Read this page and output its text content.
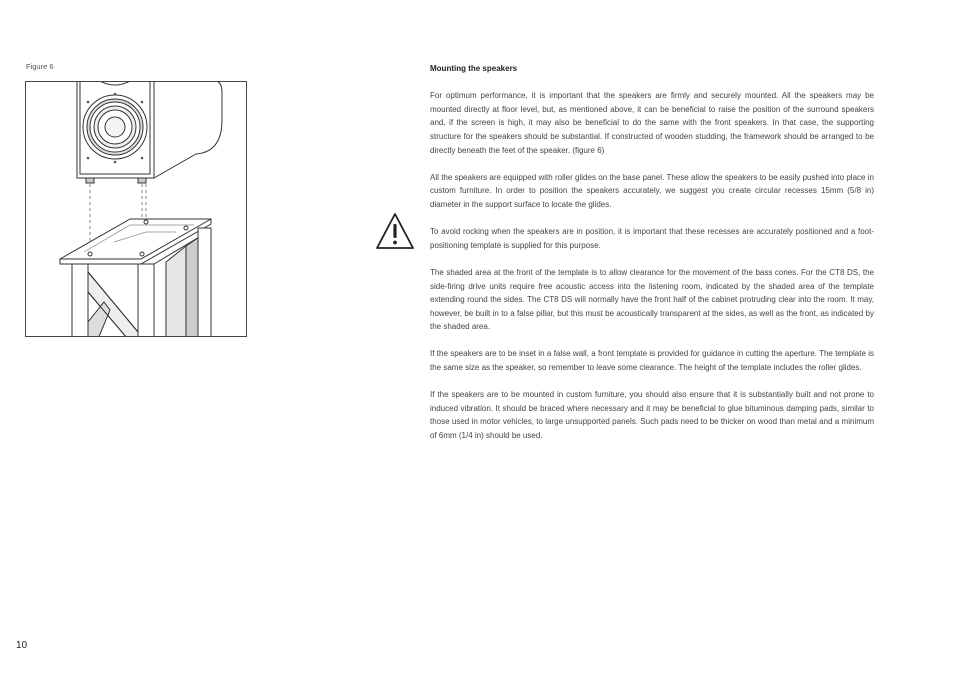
Figure 6	Mounting the speakers

For optimum performance, it is important that the speakers are firmly and securely mounted. All the speakers may be mounted directly at floor level, but, as mentioned above, it can be beneficial to raise the position of the surround speakers and, if the screen is high, it may also be beneficial to do the same with the front speakers. In that case, the supporting structure for the speakers should be substantial. If constructed of wooden studding, the framework should be arranged to be directly beneath the feet of the speaker. (figure 6)

All the speakers are equipped with roller glides on the base panel. These allow the speakers to be easily pushed into place in custom furniture. In order to position the speakers accurately, we suggest you create circular recesses 15mm (5/8 in) diameter in the support surface to locate the glides.

To avoid rocking when the speakers are in position, it is important that these recesses are accurately positioned and a foot-positioning template is supplied for this purpose.

The shaded area at the front of the template is to allow clearance for the movement of the bass cones. For the CT8 DS, the side-firing drive units require free acoustic access into the listening room, indicated by the shaded area of the template extending round the sides. The CT8 DS will normally have the front half of the cabinet protruding clear into the room. It may, however, be built in to a false pillar, but this must be acoustically transparent at the sides, as well as the front, as indicated by the shaded area.

If the speakers are to be inset in a false wall, a front template is provided for guidance in cutting the aperture. The template is the same size as the speaker, so remember to leave some clearance. The height of the template includes the roller glides.

If the speakers are to be mounted in custom furniture, you should also ensure that it is substantially built and not prone to induced vibration. It should be braced where necessary and it may be beneficial to glue bituminous damping pads, similar to those used in motor vehicles, to large unsupported panels. Such pads need to be thicker on wood than metal and a minimum of 6mm (1/4 in) should be used.

10
